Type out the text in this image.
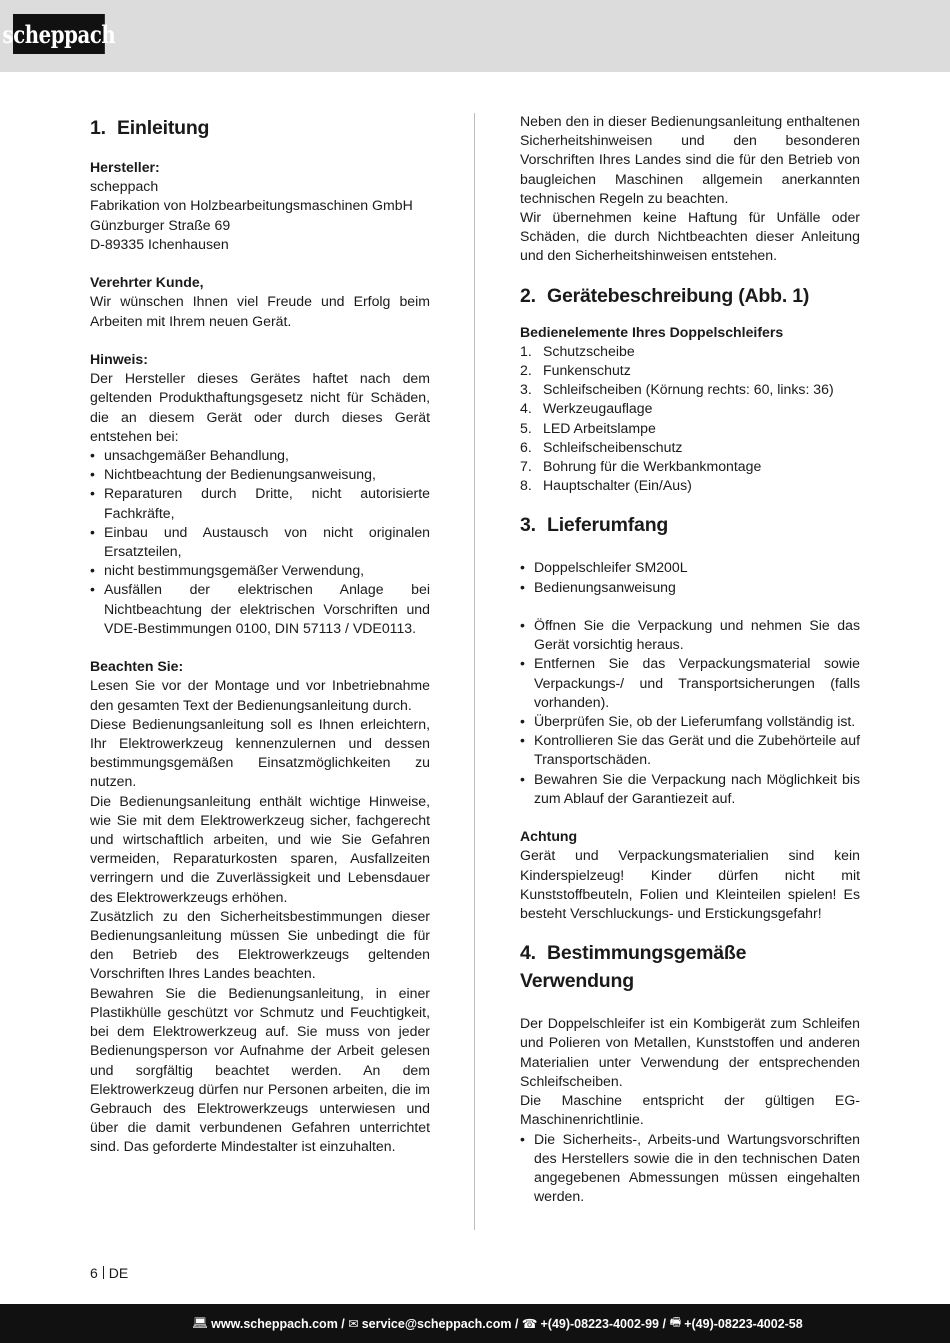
scheppach
1. Einleitung
Hersteller:
scheppach
Fabrikation von Holzbearbeitungsmaschinen GmbH
Günzburger Straße 69
D-89335 Ichenhausen
Verehrter Kunde,

Wir wünschen Ihnen viel Freude und Erfolg beim Arbeiten mit Ihrem neuen Gerät.

Hinweis:

Der Hersteller dieses Gerätes haftet nach dem geltenden Produkthaftungsgesetz nicht für Schäden, die an diesem Gerät oder durch dieses Gerät entstehen bei:

• unsachgemäßer Behandlung,
• Nichtbeachtung der Bedienungsanweisung,
• Reparaturen durch Dritte, nicht autorisierte Fachkräfte,
• Einbau und Austausch von nicht originalen Ersatzteilen,
• nicht bestimmungsgemäßer Verwendung,
• Ausfällen der elektrischen Anlage bei Nichtbeachtung der elektrischen Vorschriften und VDE-Bestimmungen 0100, DIN 57113 / VDE0113.
Beachten Sie:

Lesen Sie vor der Montage und vor Inbetriebnahme den gesamten Text der Bedienungsanleitung durch.

Diese Bedienungsanleitung soll es Ihnen erleichtern, Ihr Elektrowerkzeug kennenzulernen und dessen bestimmungsgemäßen Einsatzmöglichkeiten zu nutzen.

Die Bedienungsanleitung enthält wichtige Hinweise, wie Sie mit dem Elektrowerkzeug sicher, fachgerecht und wirtschaftlich arbeiten, und wie Sie Gefahren vermeiden, Reparaturkosten sparen, Ausfallzeiten verringern und die Zuverlässigkeit und Lebensdauer des Elektrowerkzeugs erhöhen.

Zusätzlich zu den Sicherheitsbestimmungen dieser Bedienungsanleitung müssen Sie unbedingt die für den Betrieb des Elektrowerkzeugs geltenden Vorschriften Ihres Landes beachten.

Bewahren Sie die Bedienungsanleitung, in einer Plastikhülle geschützt vor Schmutz und Feuchtigkeit, bei dem Elektrowerkzeug auf. Sie muss von jeder Bedienungsperson vor Aufnahme der Arbeit gelesen und sorgfältig beachtet werden. An dem Elektrowerkzeug dürfen nur Personen arbeiten, die im Gebrauch des Elektrowerkzeugs unterwiesen und über die damit verbundenen Gefahren unterrichtet sind. Das geforderte Mindestalter ist einzuhalten.

Neben den in dieser Bedienungsanleitung enthaltenen Sicherheitshinweisen und den besonderen Vorschriften Ihres Landes sind die für den Betrieb von baugleichen Maschinen allgemein anerkannten technischen Regeln zu beachten.

Wir übernehmen keine Haftung für Unfälle oder Schäden, die durch Nichtbeachten dieser Anleitung und den Sicherheitshinweisen entstehen.

2. Gerätebeschreibung (Abb. 1)
Bedienelemente Ihres Doppelschleifers
1. Schutzscheibe
2. Funkenschutz
3. Schleifscheiben (Körnung rechts: 60, links: 36)
4. Werkzeugauflage
5. LED Arbeitslampe
6. Schleifscheibenschutz
7. Bohrung für die Werkbankmontage
8. Hauptschalter (Ein/Aus)
3. Lieferumfang
• Doppelschleifer SM200L
• Bedienungsanweisung
• Öffnen Sie die Verpackung und nehmen Sie das Gerät vorsichtig heraus.
• Entfernen Sie das Verpackungsmaterial sowie Verpackungs-/ und Transportsicherungen (falls vorhanden).
• Überprüfen Sie, ob der Lieferumfang vollständig ist.
• Kontrollieren Sie das Gerät und die Zubehörteile auf Transportschäden.
• Bewahren Sie die Verpackung nach Möglichkeit bis zum Ablauf der Garantiezeit auf.
Achtung

Gerät und Verpackungsmaterialien sind kein Kinderspielzeug! Kinder dürfen nicht mit Kunststoffbeuteln, Folien und Kleinteilen spielen! Es besteht Verschluckungs- und Erstickungsgefahr!

4. Bestimmungsgemäße Verwendung

Der Doppelschleifer ist ein Kombigerät zum Schleifen und Polieren von Metallen, Kunststoffen und anderen Materialien unter Verwendung der entsprechenden Schleifscheiben.

Die Maschine entspricht der gültigen EG-Maschinenrichtlinie.

• Die Sicherheits-, Arbeits-und Wartungsvorschriften des Herstellers sowie die in den technischen Daten angegebenen Abmessungen müssen eingehalten werden.
6 DE
💻︎ www.scheppach.com / ✉︎ service@scheppach.com / ☎ +(49)-08223-4002-99 / 🖷︎ +(49)-08223-4002-58
